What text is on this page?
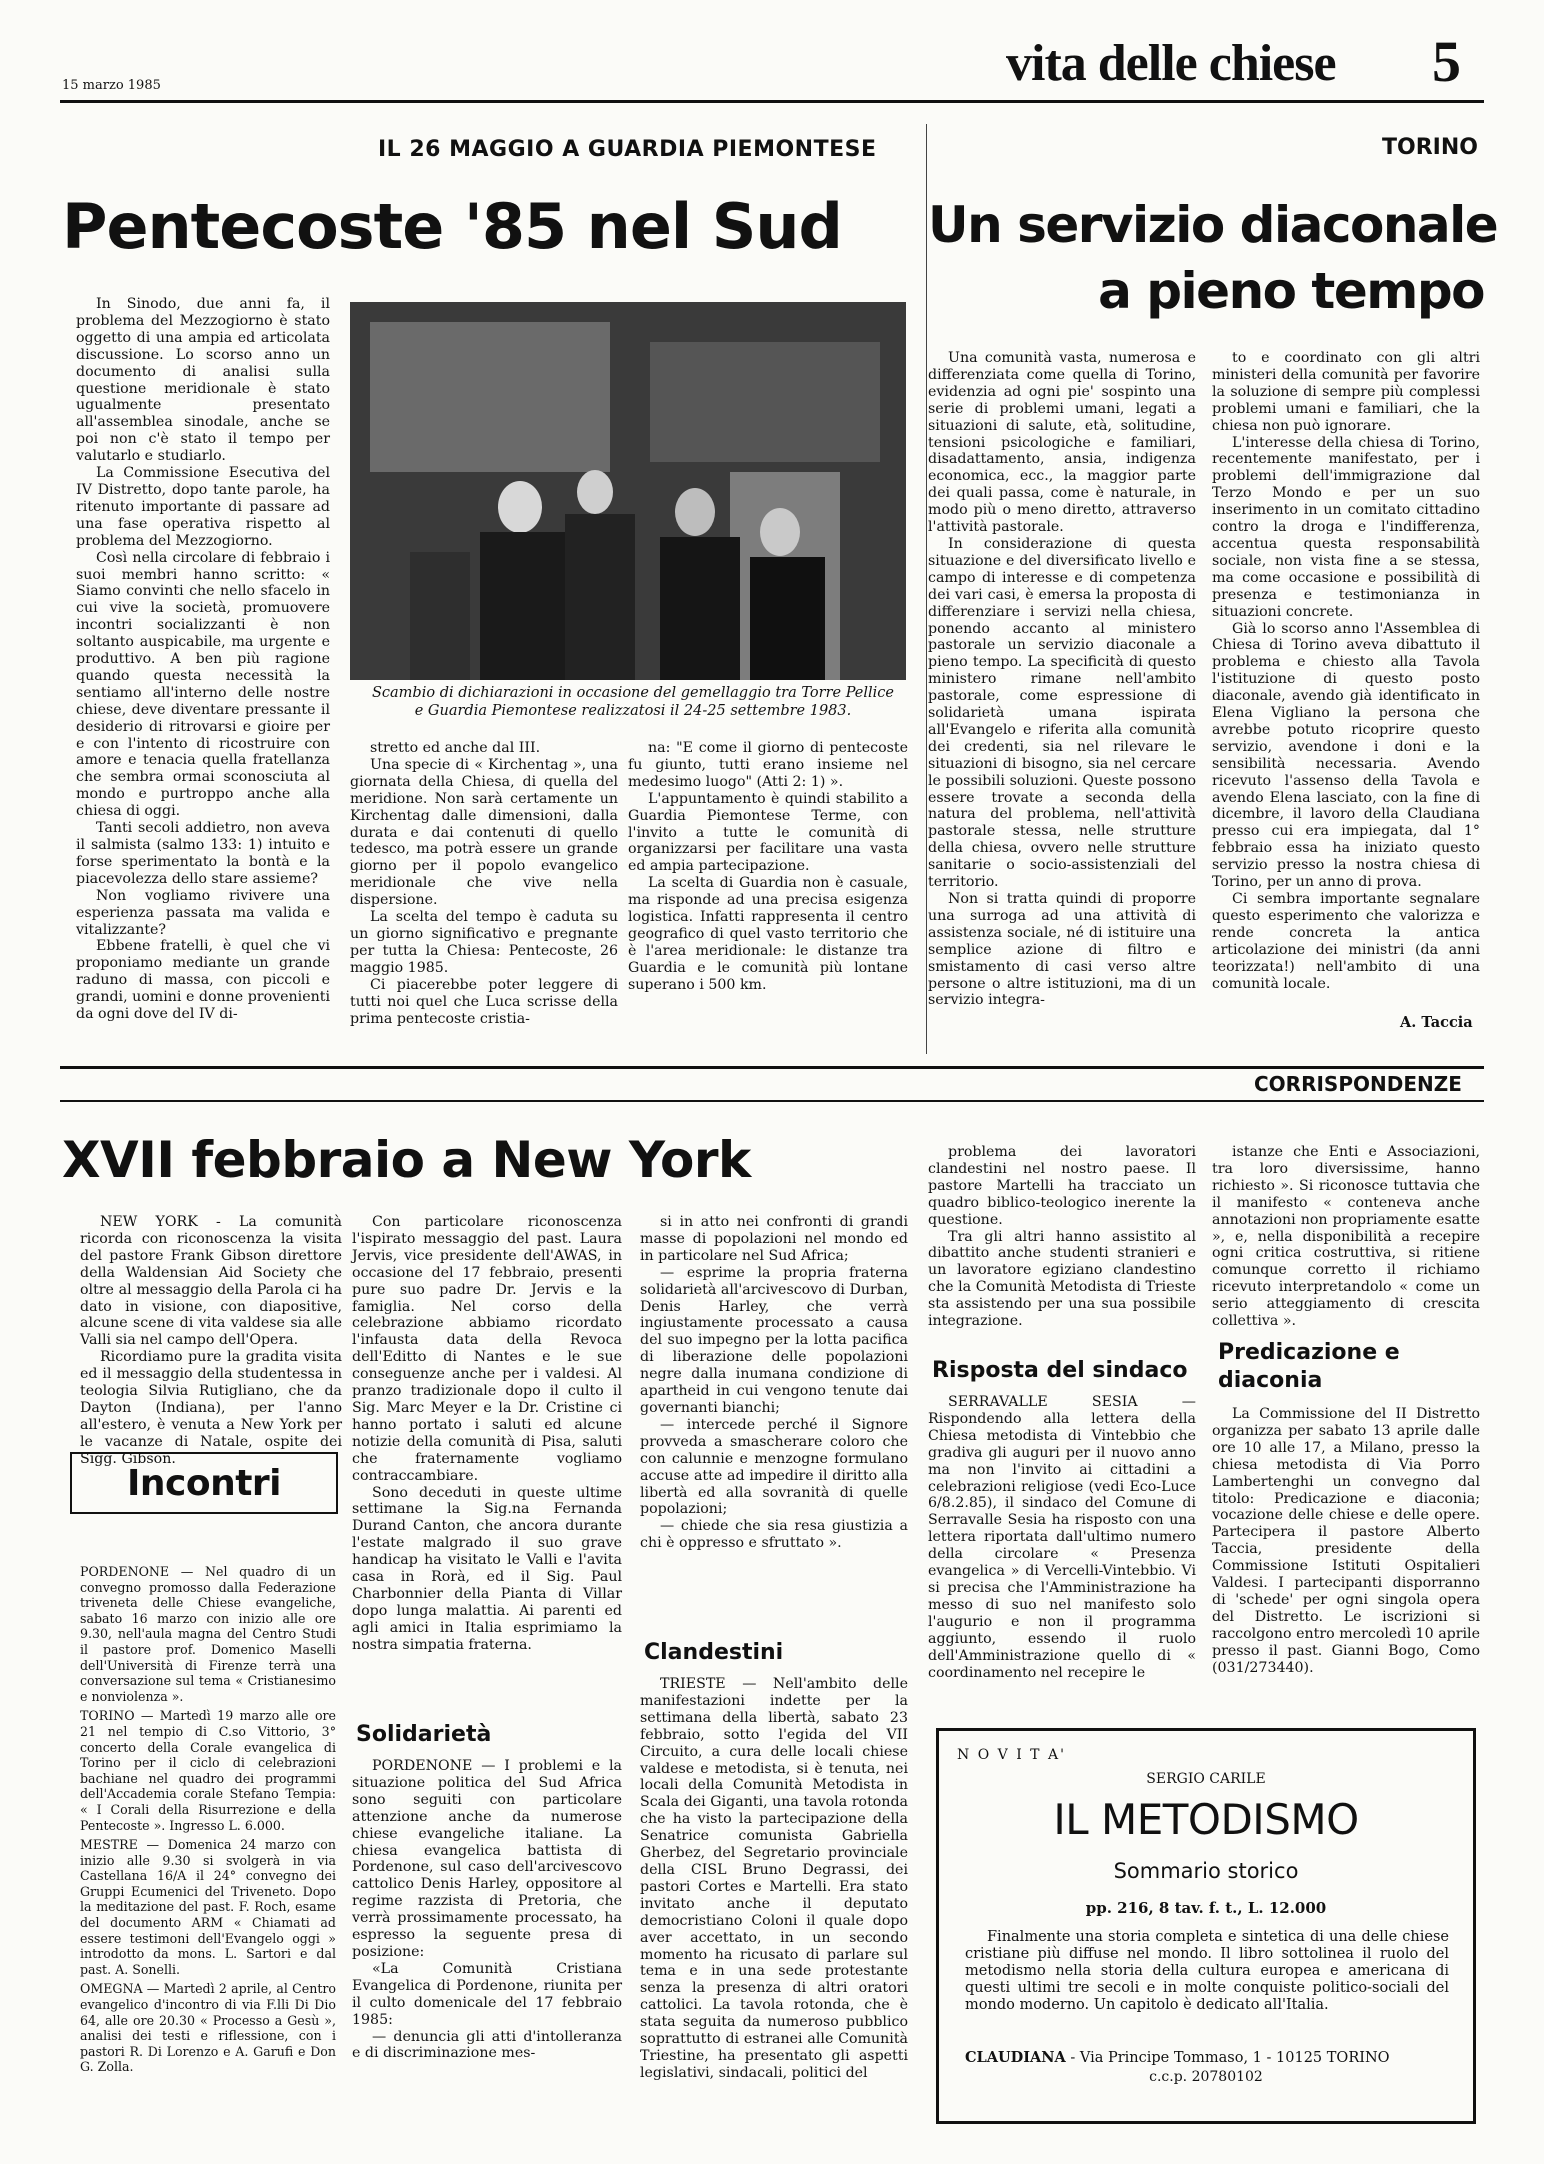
15 marzo 1985	vita delle chiese 5
IL 26 MAGGIO A GUARDIA PIEMONTESE
Pentecoste '85 nel Sud

In Sinodo, due anni fa, il problema del Mezzogiorno è stato oggetto di una ampia ed articolata discussione. Lo scorso anno un documento di analisi sulla questione meridionale è stato ugualmente presentato all'assemblea sinodale, anche se poi non c'è stato il tempo per valutarlo e studiarlo.

La Commissione Esecutiva del IV Distretto, dopo tante parole, ha ritenuto importante di passare ad una fase operativa rispetto al problema del Mezzogiorno.

Così nella circolare di febbraio i suoi membri hanno scritto: « Siamo convinti che nello sfacelo in cui vive la società, promuovere incontri socializzanti è non soltanto auspicabile, ma urgente e produttivo. A ben più ragione quando questa necessità la sentiamo all'interno delle nostre chiese, deve diventare pressante il desiderio di ritrovarsi e gioire per e con l'intento di ricostruire con amore e tenacia quella fratellanza che sembra ormai sconosciuta al mondo e purtroppo anche alla chiesa di oggi.

Tanti secoli addietro, non aveva il salmista (salmo 133: 1) intuito e forse sperimentato la bontà e la piacevolezza dello stare assieme?

Non vogliamo rivivere una esperienza passata ma valida e vitalizzante?

Ebbene fratelli, è quel che vi proponiamo mediante un grande raduno di massa, con piccoli e grandi, uomini e donne provenienti da ogni dove del IV di-

Scambio di dichiarazioni in occasione del gemellaggio tra Torre Pellice e Guardia Piemontese realizzatosi il 24-25 settembre 1983.

stretto ed anche dal III.

Una specie di « Kirchentag », una giornata della Chiesa, di quella del meridione. Non sarà certamente un Kirchentag dalle dimensioni, dalla durata e dai contenuti di quello tedesco, ma potrà essere un grande giorno per il popolo evangelico meridionale che vive nella dispersione.

La scelta del tempo è caduta su un giorno significativo e pregnante per tutta la Chiesa: Pentecoste, 26 maggio 1985.

Ci piacerebbe poter leggere di tutti noi quel che Luca scrisse della prima pentecoste cristia-

na: "E come il giorno di pentecoste fu giunto, tutti erano insieme nel medesimo luogo" (Atti 2: 1) ».

L'appuntamento è quindi stabilito a Guardia Piemontese Terme, con l'invito a tutte le comunità di organizzarsi per facilitare una vasta ed ampia partecipazione.

La scelta di Guardia non è casuale, ma risponde ad una precisa esigenza logistica. Infatti rappresenta il centro geografico di quel vasto territorio che è l'area meridionale: le distanze tra Guardia e le comunità più lontane superano i 500 km.

TORINO
Un servizio diaconale
a pieno tempo

Una comunità vasta, numerosa e differenziata come quella di Torino, evidenzia ad ogni pie' sospinto una serie di problemi umani, legati a situazioni di salute, età, solitudine, tensioni psicologiche e familiari, disadattamento, ansia, indigenza economica, ecc., la maggior parte dei quali passa, come è naturale, in modo più o meno diretto, attraverso l'attività pastorale.

In considerazione di questa situazione e del diversificato livello e campo di interesse e di competenza dei vari casi, è emersa la proposta di differenziare i servizi nella chiesa, ponendo accanto al ministero pastorale un servizio diaconale a pieno tempo. La specificità di questo ministero rimane nell'ambito pastorale, come espressione di solidarietà umana ispirata all'Evangelo e riferita alla comunità dei credenti, sia nel rilevare le situazioni di bisogno, sia nel cercare le possibili soluzioni. Queste possono essere trovate a seconda della natura del problema, nell'attività pastorale stessa, nelle strutture della chiesa, ovvero nelle strutture sanitarie o socio-assistenziali del territorio.

Non si tratta quindi di proporre una surroga ad una attività di assistenza sociale, né di istituire una semplice azione di filtro e smistamento di casi verso altre persone o altre istituzioni, ma di un servizio integra-

to e coordinato con gli altri ministeri della comunità per favorire la soluzione di sempre più complessi problemi umani e familiari, che la chiesa non può ignorare.

L'interesse della chiesa di Torino, recentemente manifestato, per i problemi dell'immigrazione dal Terzo Mondo e per un suo inserimento in un comitato cittadino contro la droga e l'indifferenza, accentua questa responsabilità sociale, non vista fine a se stessa, ma come occasione e possibilità di presenza e testimonianza in situazioni concrete.

Già lo scorso anno l'Assemblea di Chiesa di Torino aveva dibattuto il problema e chiesto alla Tavola l'istituzione di questo posto diaconale, avendo già identificato in Elena Vigliano la persona che avrebbe potuto ricoprire questo servizio, avendone i doni e la sensibilità necessaria. Avendo ricevuto l'assenso della Tavola e avendo Elena lasciato, con la fine di dicembre, il lavoro della Claudiana presso cui era impiegata, dal 1° febbraio essa ha iniziato questo servizio presso la nostra chiesa di Torino, per un anno di prova.

Ci sembra importante segnalare questo esperimento che valorizza e rende concreta la antica articolazione dei ministri (da anni teorizzata!) nell'ambito di una comunità locale.

A. Taccia
CORRISPONDENZE
XVII febbraio a New York

NEW YORK - La comunità ricorda con riconoscenza la visita del pastore Frank Gibson direttore della Waldensian Aid Society che oltre al messaggio della Parola ci ha dato in visione, con diapositive, alcune scene di vita valdese sia alle Valli sia nel campo dell'Opera.

Ricordiamo pure la gradita visita ed il messaggio della studentessa in teologia Silvia Rutigliano, che da Dayton (Indiana), per l'anno all'estero, è venuta a New York per le vacanze di Natale, ospite dei Sigg. Gibson.

Incontri

PORDENONE — Nel quadro di un convegno promosso dalla Federazione triveneta delle Chiese evangeliche, sabato 16 marzo con inizio alle ore 9.30, nell'aula magna del Centro Studi il pastore prof. Domenico Maselli dell'Università di Firenze terrà una conversazione sul tema « Cristianesimo e nonviolenza ».

TORINO — Martedì 19 marzo alle ore 21 nel tempio di C.so Vittorio, 3° concerto della Corale evangelica di Torino per il ciclo di celebrazioni bachiane nel quadro dei programmi dell'Accademia corale Stefano Tempia: « I Corali della Risurrezione e della Pentecoste ». Ingresso L. 6.000.

MESTRE — Domenica 24 marzo con inizio alle 9.30 si svolgerà in via Castellana 16/A il 24° convegno dei Gruppi Ecumenici del Triveneto. Dopo la meditazione del past. F. Roch, esame del documento ARM « Chiamati ad essere testimoni dell'Evangelo oggi » introdotto da mons. L. Sartori e dal past. A. Sonelli.

OMEGNA — Martedì 2 aprile, al Centro evangelico d'incontro di via F.lli Di Dio 64, alle ore 20.30 « Processo a Gesù », analisi dei testi e riflessione, con i pastori R. Di Lorenzo e A. Garufi e Don G. Zolla.

Con particolare riconoscenza l'ispirato messaggio del past. Laura Jervis, vice presidente dell'AWAS, in occasione del 17 febbraio, presenti pure suo padre Dr. Jervis e la famiglia. Nel corso della celebrazione abbiamo ricordato l'infausta data della Revoca dell'Editto di Nantes e le sue conseguenze anche per i valdesi. Al pranzo tradizionale dopo il culto il Sig. Marc Meyer e la Dr. Cristine ci hanno portato i saluti ed alcune notizie della comunità di Pisa, saluti che fraternamente vogliamo contraccambiare.

Sono deceduti in queste ultime settimane la Sig.na Fernanda Durand Canton, che ancora durante l'estate malgrado il suo grave handicap ha visitato le Valli e l'avita casa in Rorà, ed il Sig. Paul Charbonnier della Pianta di Villar dopo lunga malattia. Ai parenti ed agli amici in Italia esprimiamo la nostra simpatia fraterna.

Solidarietà

PORDENONE — I problemi e la situazione politica del Sud Africa sono seguiti con particolare attenzione anche da numerose chiese evangeliche italiane. La chiesa evangelica battista di Pordenone, sul caso dell'arcivescovo cattolico Denis Harley, oppositore al regime razzista di Pretoria, che verrà prossimamente processato, ha espresso la seguente presa di posizione:

«La Comunità Cristiana Evangelica di Pordenone, riunita per il culto domenicale del 17 febbraio 1985:

— denuncia gli atti d'intolleranza e di discriminazione mes-

si in atto nei confronti di grandi masse di popolazioni nel mondo ed in particolare nel Sud Africa;

— esprime la propria fraterna solidarietà all'arcivescovo di Durban, Denis Harley, che verrà ingiustamente processato a causa del suo impegno per la lotta pacifica di liberazione delle popolazioni negre dalla inumana condizione di apartheid in cui vengono tenute dai governanti bianchi;

— intercede perché il Signore provveda a smascherare coloro che con calunnie e menzogne formulano accuse atte ad impedire il diritto alla libertà ed alla sovranità di quelle popolazioni;

— chiede che sia resa giustizia a chi è oppresso e sfruttato ».

Clandestini

TRIESTE — Nell'ambito delle manifestazioni indette per la settimana della libertà, sabato 23 febbraio, sotto l'egida del VII Circuito, a cura delle locali chiese valdese e metodista, si è tenuta, nei locali della Comunità Metodista in Scala dei Giganti, una tavola rotonda che ha visto la partecipazione della Senatrice comunista Gabriella Gherbez, del Segretario provinciale della CISL Bruno Degrassi, dei pastori Cortes e Martelli. Era stato invitato anche il deputato democristiano Coloni il quale dopo aver accettato, in un secondo momento ha ricusato di parlare sul tema e in una sede protestante senza la presenza di altri oratori cattolici. La tavola rotonda, che è stata seguita da numeroso pubblico soprattutto di estranei alle Comunità Triestine, ha presentato gli aspetti legislativi, sindacali, politici del

problema dei lavoratori clandestini nel nostro paese. Il pastore Martelli ha tracciato un quadro biblico-teologico inerente la questione.

Tra gli altri hanno assistito al dibattito anche studenti stranieri e un lavoratore egiziano clandestino che la Comunità Metodista di Trieste sta assistendo per una sua possibile integrazione.

Risposta del sindaco

SERRAVALLE SESIA — Rispondendo alla lettera della Chiesa metodista di Vintebbio che gradiva gli auguri per il nuovo anno ma non l'invito ai cittadini a celebrazioni religiose (vedi Eco-Luce 6/8.2.85), il sindaco del Comune di Serravalle Sesia ha risposto con una lettera riportata dall'ultimo numero della circolare « Presenza evangelica » di Vercelli-Vintebbio. Vi si precisa che l'Amministrazione ha messo di suo nel manifesto solo l'augurio e non il programma aggiunto, essendo il ruolo dell'Amministrazione quello di « coordinamento nel recepire le

istanze che Enti e Associazioni, tra loro diversissime, hanno richiesto ». Si riconosce tuttavia che il manifesto « conteneva anche annotazioni non propriamente esatte », e, nella disponibilità a recepire ogni critica costruttiva, si ritiene comunque corretto il richiamo ricevuto interpretandolo « come un serio atteggiamento di crescita collettiva ».

Predicazione e
diaconia

La Commissione del II Distretto organizza per sabato 13 aprile dalle ore 10 alle 17, a Milano, presso la chiesa metodista di Via Porro Lambertenghi un convegno dal titolo: Predicazione e diaconia; vocazione delle chiese e delle opere. Partecipera il pastore Alberto Taccia, presidente della Commissione Istituti Ospitalieri Valdesi. I partecipanti disporranno di 'schede' per ogni singola opera del Distretto. Le iscrizioni si raccolgono entro mercoledì 10 aprile presso il past. Gianni Bogo, Como (031/273440).

N O V I T A'
SERGIO CARILE
IL METODISMO
Sommario storico
pp. 216, 8 tav. f. t., L. 12.000
Finalmente una storia completa e sintetica di una delle chiese cristiane più diffuse nel mondo. Il libro sottolinea il ruolo del metodismo nella storia della cultura europea e americana di questi ultimi tre secoli e in molte conquiste politico-sociali del mondo moderno. Un capitolo è dedicato all'Italia.
CLAUDIANA - Via Principe Tommaso, 1 - 10125 TORINO
c.c.p. 20780102
